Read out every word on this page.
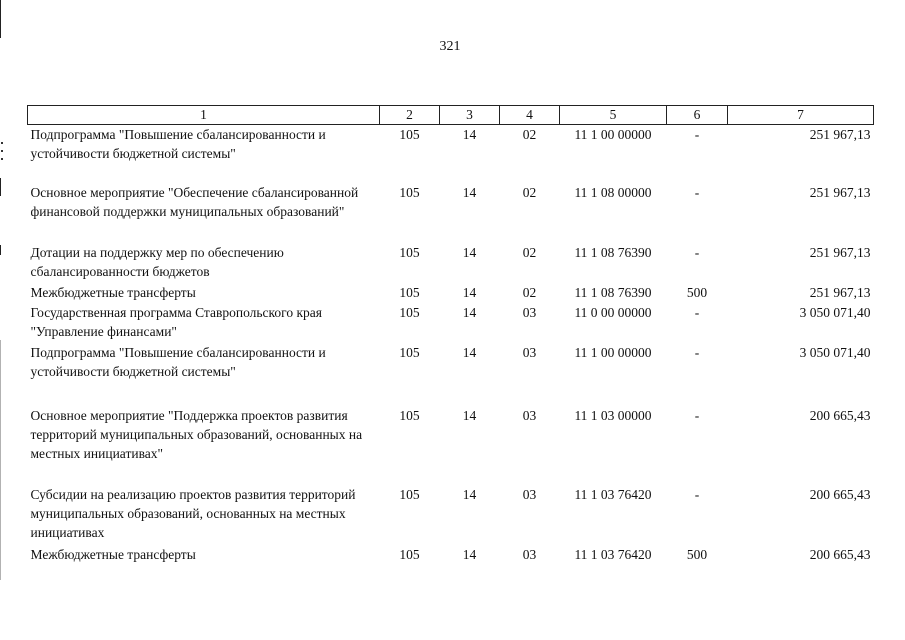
321
1	2	3	4	5	6	7
Подпрограмма "Повышение сбалансированности и устойчивости бюджетной системы"	105	14	02	11 1 00 00000	-	251 967,13
Основное мероприятие "Обеспечение сбалансированной финансовой поддержки муниципальных образований"	105	14	02	11 1 08 00000	-	251 967,13
Дотации на поддержку мер по обеспечению сбалансированности бюджетов	105	14	02	11 1 08 76390	-	251 967,13
Межбюджетные трансферты	105	14	02	11 1 08 76390	500	251 967,13
Государственная программа Ставропольского края "Управление финансами"	105	14	03	11 0 00 00000	-	3 050 071,40
Подпрограмма "Повышение сбалансированности и устойчивости бюджетной системы"	105	14	03	11 1 00 00000	-	3 050 071,40
Основное мероприятие "Поддержка проектов развития территорий муниципальных образований, основанных на местных инициативах"	105	14	03	11 1 03 00000	-	200 665,43
Субсидии на реализацию проектов развития территорий муниципальных образований, основанных на местных инициативах	105	14	03	11 1 03 76420	-	200 665,43
Межбюджетные трансферты	105	14	03	11 1 03 76420	500	200 665,43
